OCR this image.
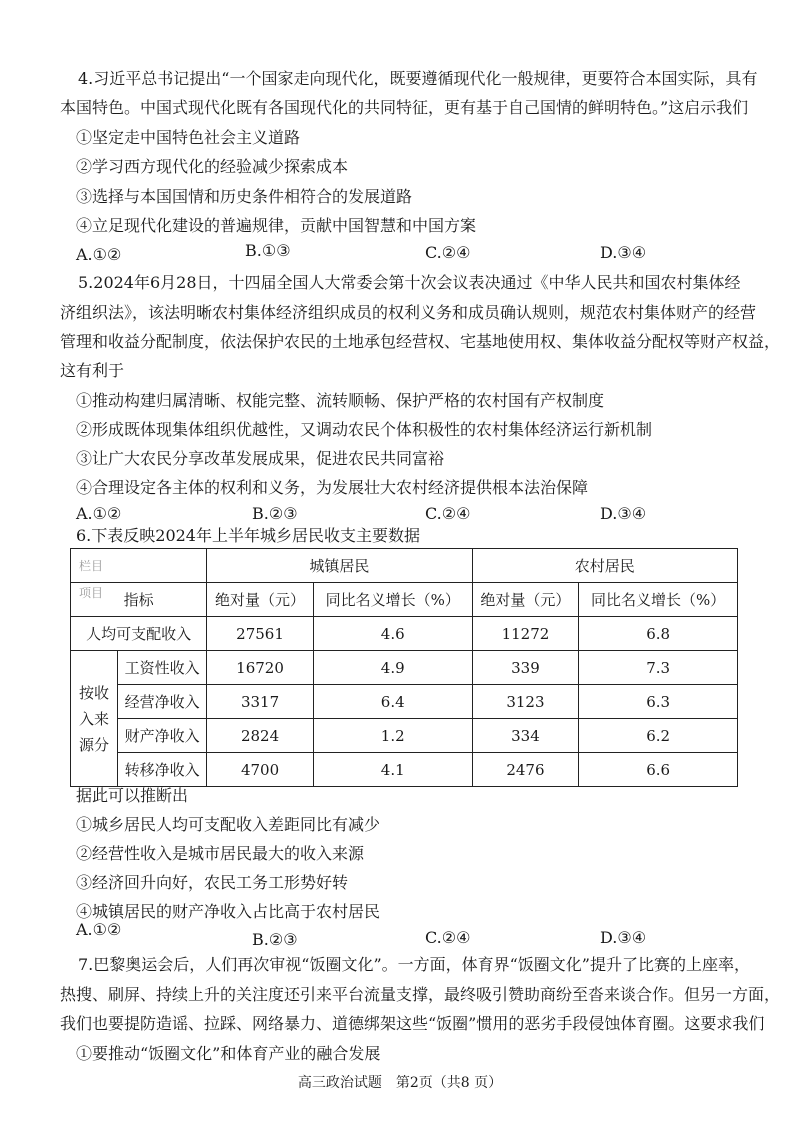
4.习近平总书记提出“一个国家走向现代化，既要遵循现代化一般规律，更要符合本国实际，具有
本国特色。中国式现代化既有各国现代化的共同特征，更有基于自己国情的鲜明特色。”这启示我们
①坚定走中国特色社会主义道路
②学习西方现代化的经验减少探索成本
③选择与本国国情和历史条件相符合的发展道路
④立足现代化建设的普遍规律，贡献中国智慧和中国方案
A.①②	B.①③	C.②④	D.③④
5.2024年6月28日，十四届全国人大常委会第十次会议表决通过《中华人民共和国农村集体经
济组织法》，该法明晰农村集体经济组织成员的权利义务和成员确认规则，规范农村集体财产的经营
管理和收益分配制度，依法保护农民的土地承包经营权、宅基地使用权、集体收益分配权等财产权益，
这有利于
①推动构建归属清晰、权能完整、流转顺畅、保护严格的农村国有产权制度
②形成既体现集体组织优越性，又调动农民个体积极性的农村集体经济运行新机制
③让广大农民分享改革发展成果，促进农民共同富裕
④合理设定各主体的权利和义务，为发展壮大农村经济提供根本法治保障
A.①②	B.②③	C.②④	D.③④
6.下表反映2024年上半年城乡居民收支主要数据
栏目		城镇居民		农村居民	

项目 指标		绝对量（元）	同比名义增长（%）	绝对量（元）	同比名义增长（%）
人均可支配收入		27561	4.6	11272	6.8

按收入来源分	工资性收入	16720	4.9	339	7.3
	经营净收入	3317	6.4	3123	6.3
	财产净收入	2824	1.2	334	6.2
	转移净收入	4700	4.1	2476	6.6
据此可以推断出
①城乡居民人均可支配收入差距同比有减少
②经营性收入是城市居民最大的收入来源
③经济回升向好，农民工务工形势好转
④城镇居民的财产净收入占比高于农村居民
A.①②
B.②③	C.②④	D.③④
7.巴黎奥运会后，人们再次审视“饭圈文化”。一方面，体育界“饭圈文化”提升了比赛的上座率，
热搜、刷屏、持续上升的关注度还引来平台流量支撑，最终吸引赞助商纷至沓来谈合作。但另一方面，
我们也要提防造谣、拉踩、网络暴力、道德绑架这些“饭圈”惯用的恶劣手段侵蚀体育圈。这要求我们
①要推动“饭圈文化”和体育产业的融合发展
高三政治试题　第2页（共8 页）
